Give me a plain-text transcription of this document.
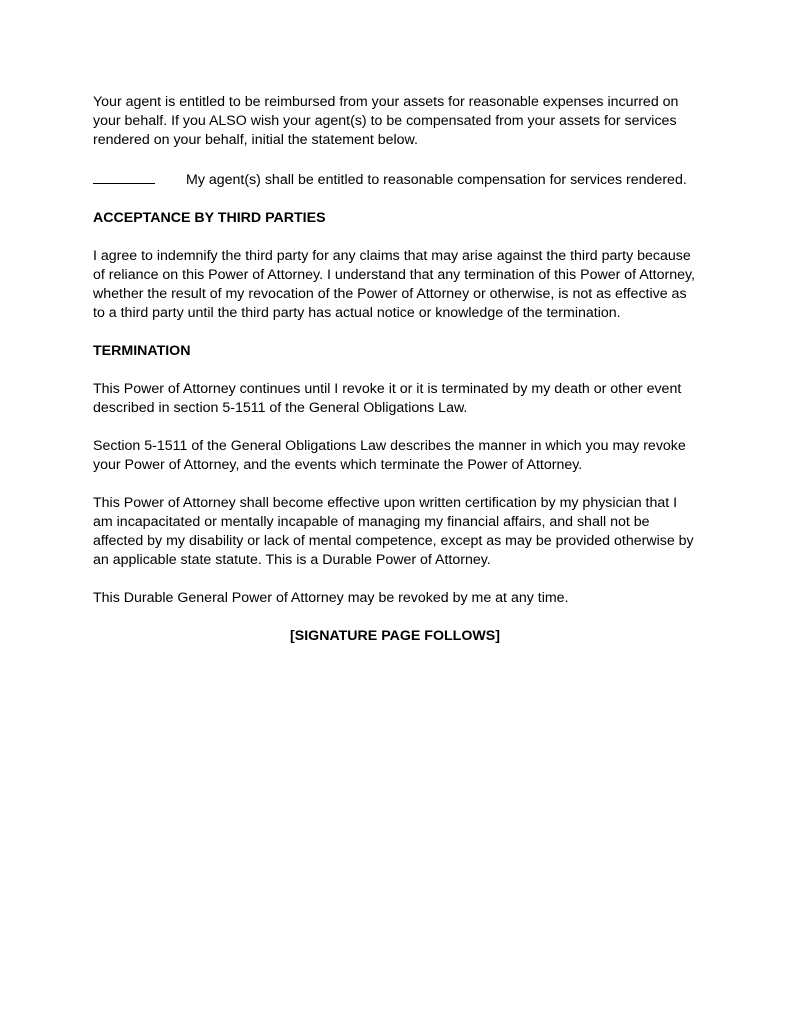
Your agent is entitled to be reimbursed from your assets for reasonable expenses incurred on your behalf. If you ALSO wish your agent(s) to be compensated from your assets for services rendered on your behalf, initial the statement below.

My agent(s) shall be entitled to reasonable compensation for services rendered.

ACCEPTANCE BY THIRD PARTIES

I agree to indemnify the third party for any claims that may arise against the third party because of reliance on this Power of Attorney. I understand that any termination of this Power of Attorney, whether the result of my revocation of the Power of Attorney or otherwise, is not as effective as to a third party until the third party has actual notice or knowledge of the termination.

TERMINATION

This Power of Attorney continues until I revoke it or it is terminated by my death or other event described in section 5-1511 of the General Obligations Law.

Section 5-1511 of the General Obligations Law describes the manner in which you may revoke your Power of Attorney, and the events which terminate the Power of Attorney.

This Power of Attorney shall become effective upon written certification by my physician that I am incapacitated or mentally incapable of managing my financial affairs, and shall not be affected by my disability or lack of mental competence, except as may be provided otherwise by an applicable state statute. This is a Durable Power of Attorney.

This Durable General Power of Attorney may be revoked by me at any time.

[SIGNATURE PAGE FOLLOWS]
